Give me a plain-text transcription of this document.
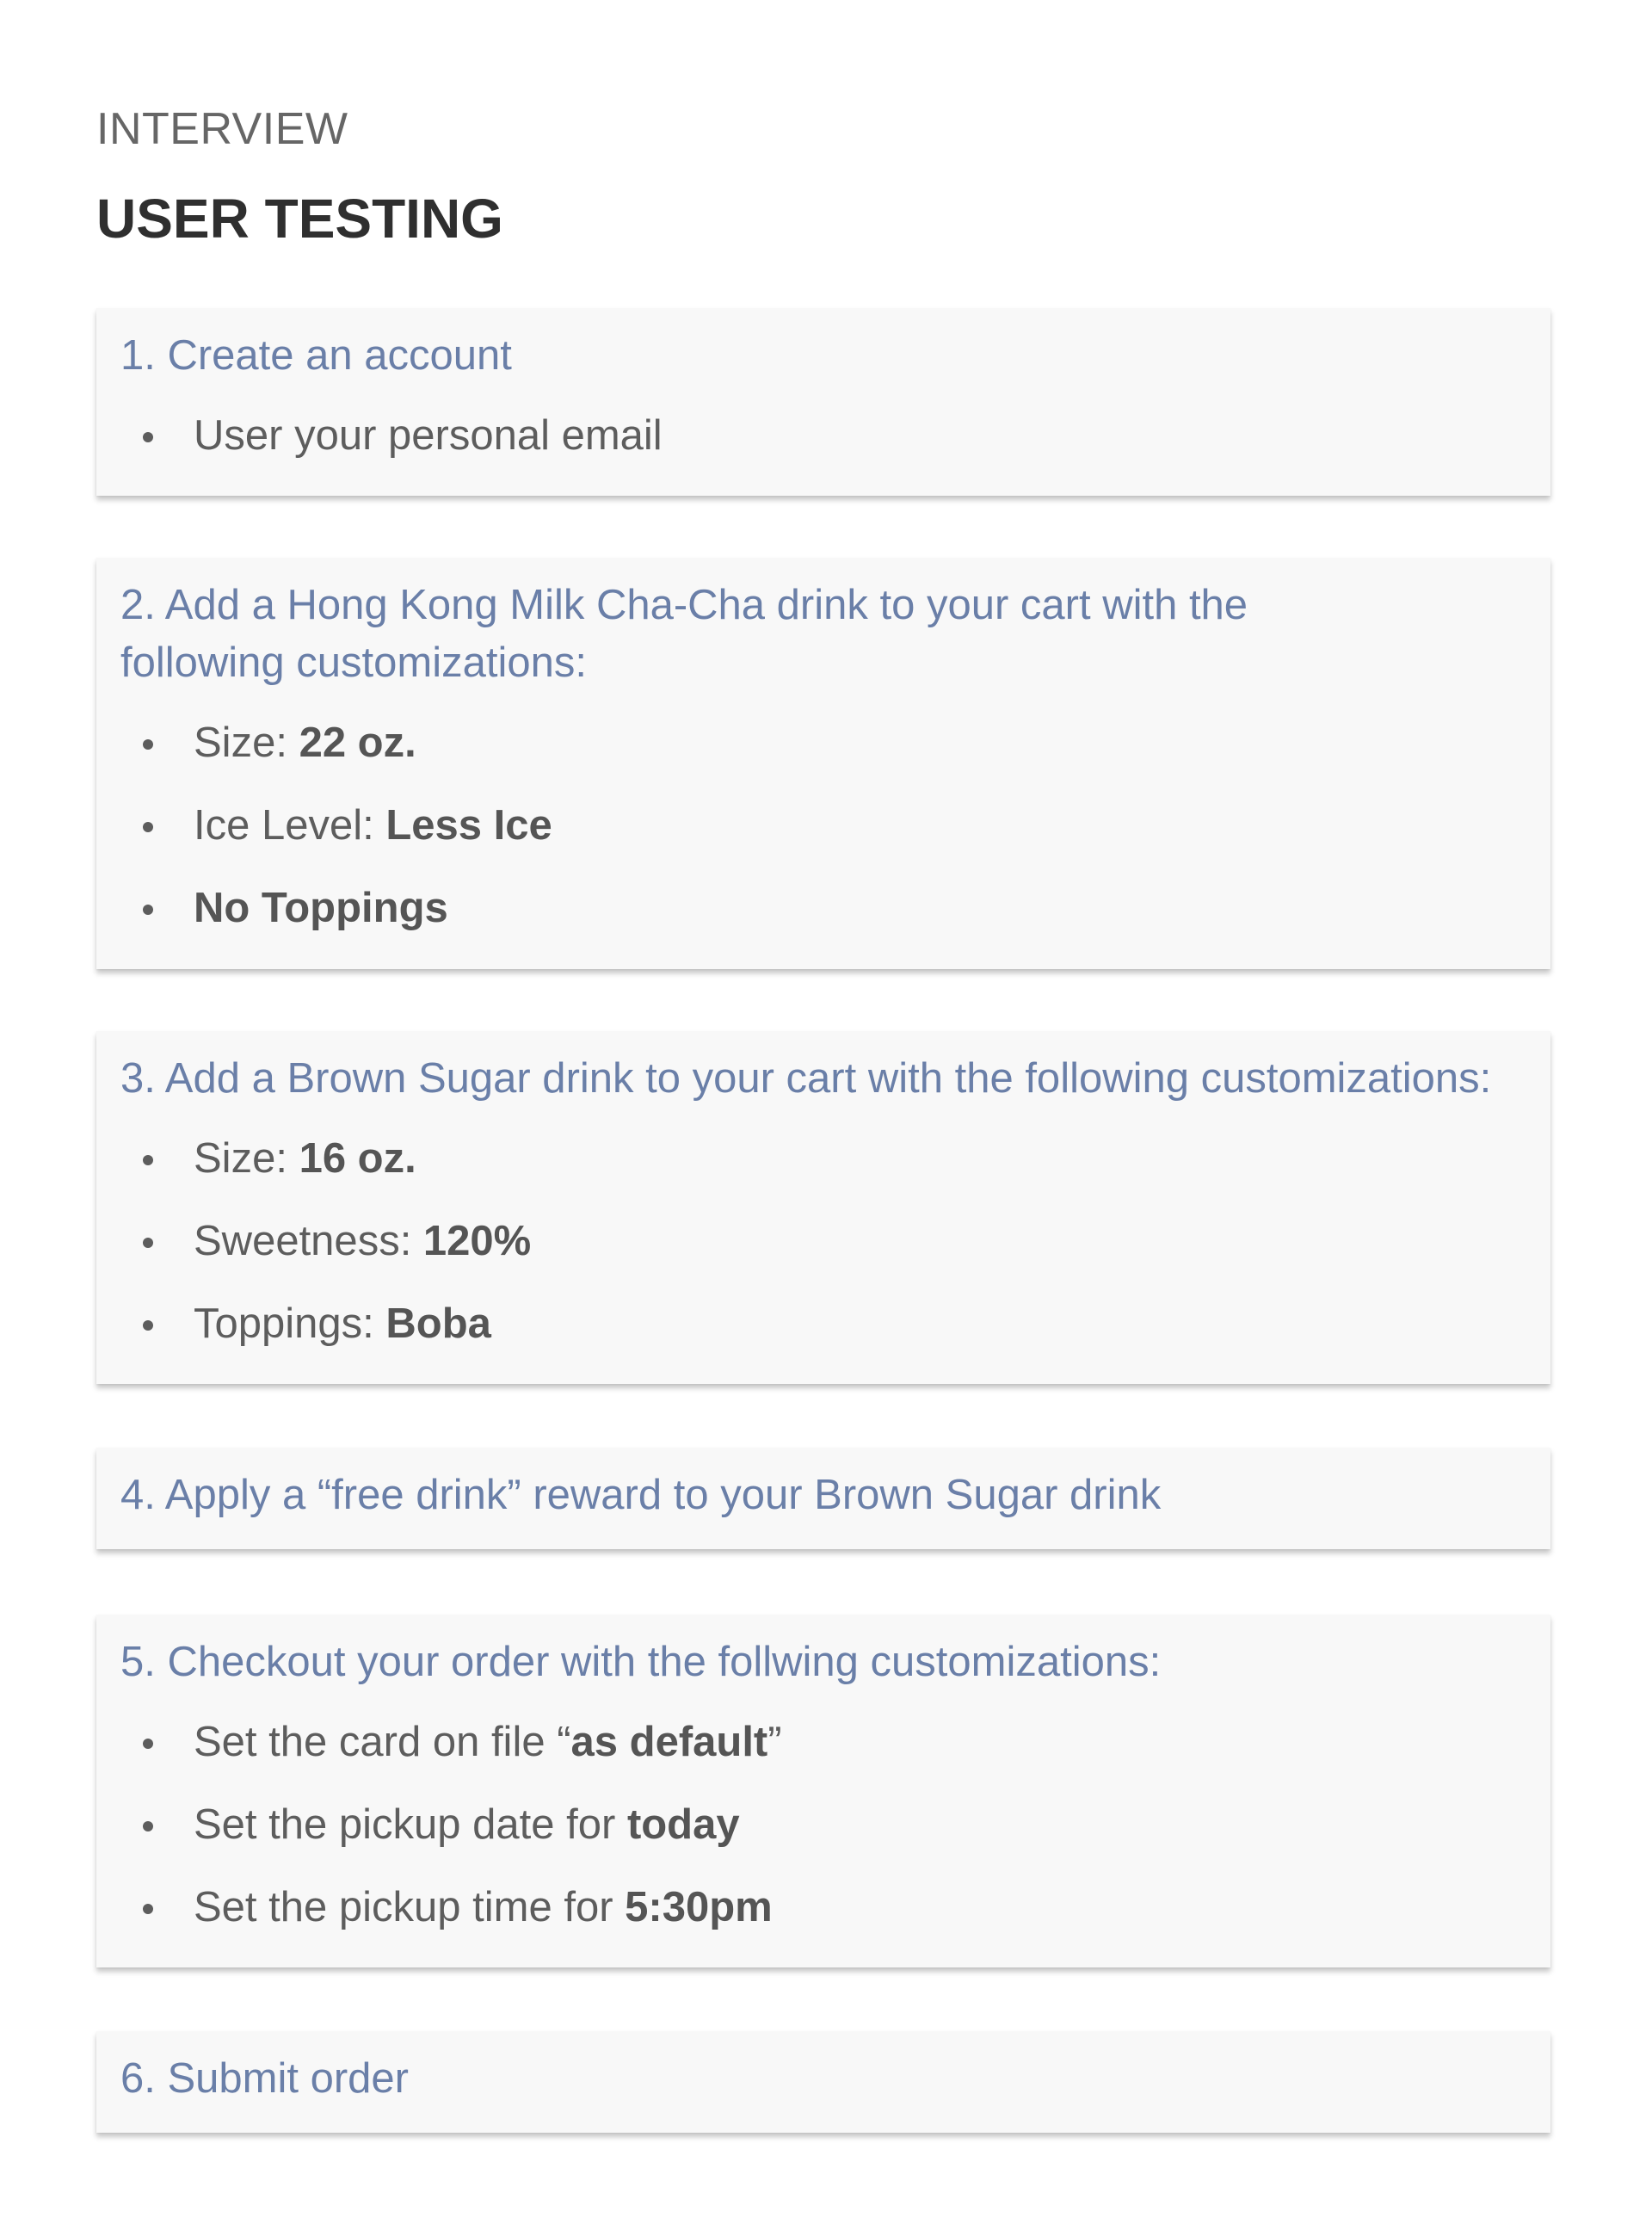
INTERVIEW
USER TESTING

1. Create an account

User your personal email

2. Add a Hong Kong Milk Cha-Cha drink to your cart with the
following customizations:

Size: 22 oz.
Ice Level: Less Ice
No Toppings

3. Add a Brown Sugar drink to your cart with the following customizations:

Size: 16 oz.
Sweetness: 120%
Toppings: Boba

4. Apply a “free drink” reward to your Brown Sugar drink

5. Checkout your order with the follwing customizations:

Set the card on file “as default”
Set the pickup date for today
Set the pickup time for 5:30pm

6. Submit order
